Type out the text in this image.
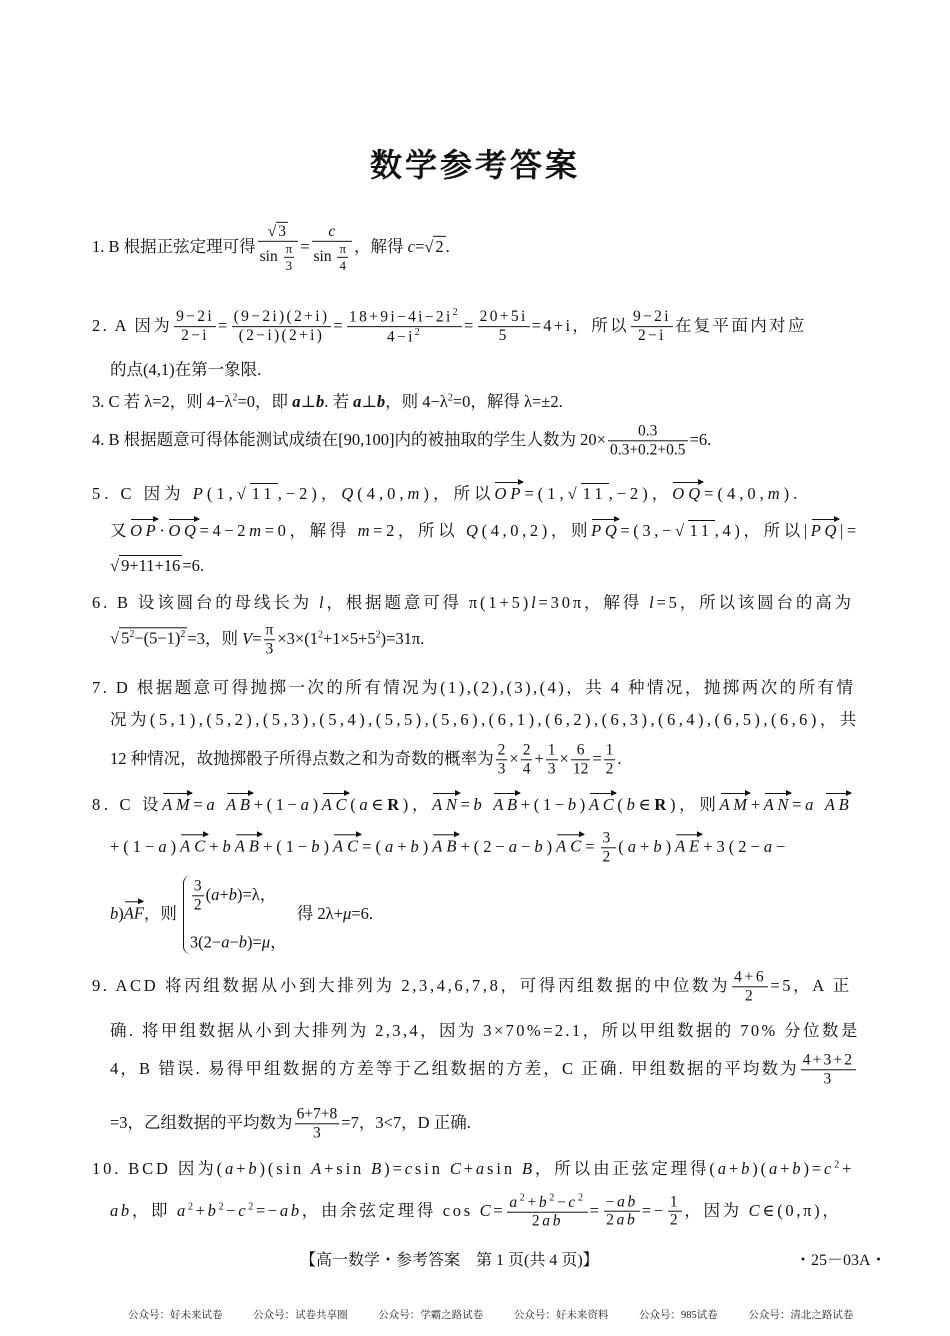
数学参考答案
1. B 根据正弦定理可得 $\frac{√ 3}{\sin \frac{\pi}{3}} = \frac{c}{\sin \frac{\pi}{4}}$ ，解得 c=√ 2 .
2. A 因为 $\frac{9-2i}{2-i} = \frac{(9-2i)(2+i)}{(2-i)(2+i)} = \frac{18+9i-4i-2i^2}{4-i^2} = \frac{20+5i}{5} =4+i$，所以 $\frac{9-2i}{2-i}$ 在复平面内对应
的点(4,1)在第一象限.
3. C 若 λ=2，则 $4-\lambda^2=0$，即 a⊥b. 若 a⊥b，则 $4-\lambda^2=0$，解得 λ=±2.
4. B 根据题意可得体能测试成绩在[90,100]内的被抽取的学生人数为 $20\times \frac{0.3}{0.3+0.2+0.5} =6$.
5. C 因为 P(1,√ 11 ,−2)，Q(4,0,m)，所以OP=(1,√ 11 ,−2)，OQ=(4,0,m).
又OP·OQ=4−2m=0，解得 m=2，所以 Q(4,0,2)，则PQ=(3,−√ 11 ,4)，所以|PQ|=
√ 9+11+16 =6.
6. B 设该圆台的母线长为 l，根据题意可得 π(1+5)l=30π，解得 l=5，所以该圆台的高为
√ $5^2-(5-1)^2 =3$，则 $V= \frac{\pi}{3} \times 3\times(1^2+1\times 5+5^2)=31\pi$.
7. D 根据题意可得抛掷一次的所有情况为(1),(2),(3),(4)，共 4 种情况，抛掷两次的所有情
况为(5,1),(5,2),(5,3),(5,4),(5,5),(5,6),(6,1),(6,2),(6,3),(6,4),(6,5),(6,6)，共
12 种情况，故抛掷骰子所得点数之和为奇数的概率为 $\frac{2}{3} \times \frac{2}{4} + \frac{1}{3} \times \frac{6}{12} = \frac{1}{2}$ .
8. C 设AM=a AB+(1−a)AC(a∈R)，AN=b AB+(1−b)AC(b∈R)，则AM+AN=a AB
$+(1-a)AC+bAB+(1-b)AC=(a+b)AB+(2-a-b)AC= \frac{3}{2} (a+b)AE+3(2-a-$
b)AF，则 $\frac{3}{2} (a+b)=\lambda$，
3(2−a−b)=μ，
得 2λ+μ=6.
9. ACD 将丙组数据从小到大排列为 2,3,4,6,7,8，可得丙组数据的中位数为 $\frac{4+6}{2} =5$，A 正
确. 将甲组数据从小到大排列为 2,3,4，因为 3×70%=2.1，所以甲组数据的 70% 分位数是
4，B 错误. 易得甲组数据的方差等于乙组数据的方差，C 正确. 甲组数据的平均数为 $\frac{4+3+2}{3}$
=3，乙组数据的平均数为 $\frac{6+7+8}{3} =7$，3<7，D 正确.
10. BCD 因为(a+b)(sin A+sin B)=csin C+asin B，所以由正弦定理得$(a+b)(a+b)=c^2+$
ab，即 $a^2+b^2-c^2=-ab$，由余弦定理得 $\cos C= \frac{a^2+b^2-c^2}{2ab} = \frac{-ab}{2ab} =- \frac{1}{2}$ ，因为 C∈(0,π)，
【高一数学・参考答案　第 1 页(共 4 页)】	・25－03A・
公众号：好未来试卷	公众号：试卷共享圈	公众号：学霸之路试卷	公众号：好未来资料	公众号：985试卷	公众号：清北之路试卷
